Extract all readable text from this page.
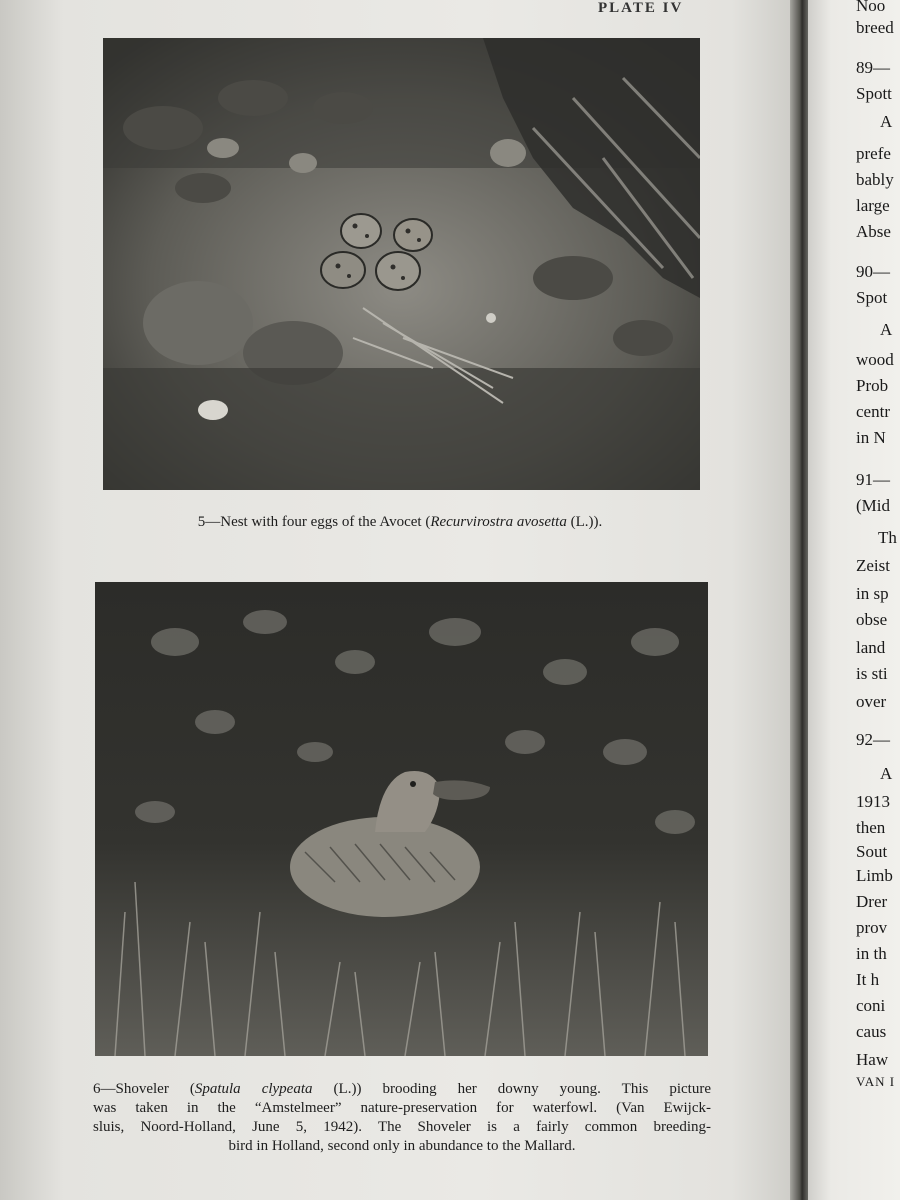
PLATE IV
5—Nest with four eggs of the Avocet (Recurvirostra avosetta (L.)).
6—Shoveler (Spatula clypeata (L.)) brooding her downy young. This picture
was taken in the “Amstelmeer” nature-preservation for waterfowl. (Van Ewijck-
sluis, Noord-Holland, June 5, 1942). The Shoveler is a fairly common breeding-
bird in Holland, second only in abundance to the Mallard.
Noo
breed
89—
Spott
A
prefe
bably
large
Abse
90—
Spot
A
wood
Prob
centr
in N
91—
(Mid
Th
Zeist
in sp
obse
land
is sti
over
92—
A
1913
then
Sout
Limb
Drer
prov
in th
It h
coni
caus
Haw
VAN I
